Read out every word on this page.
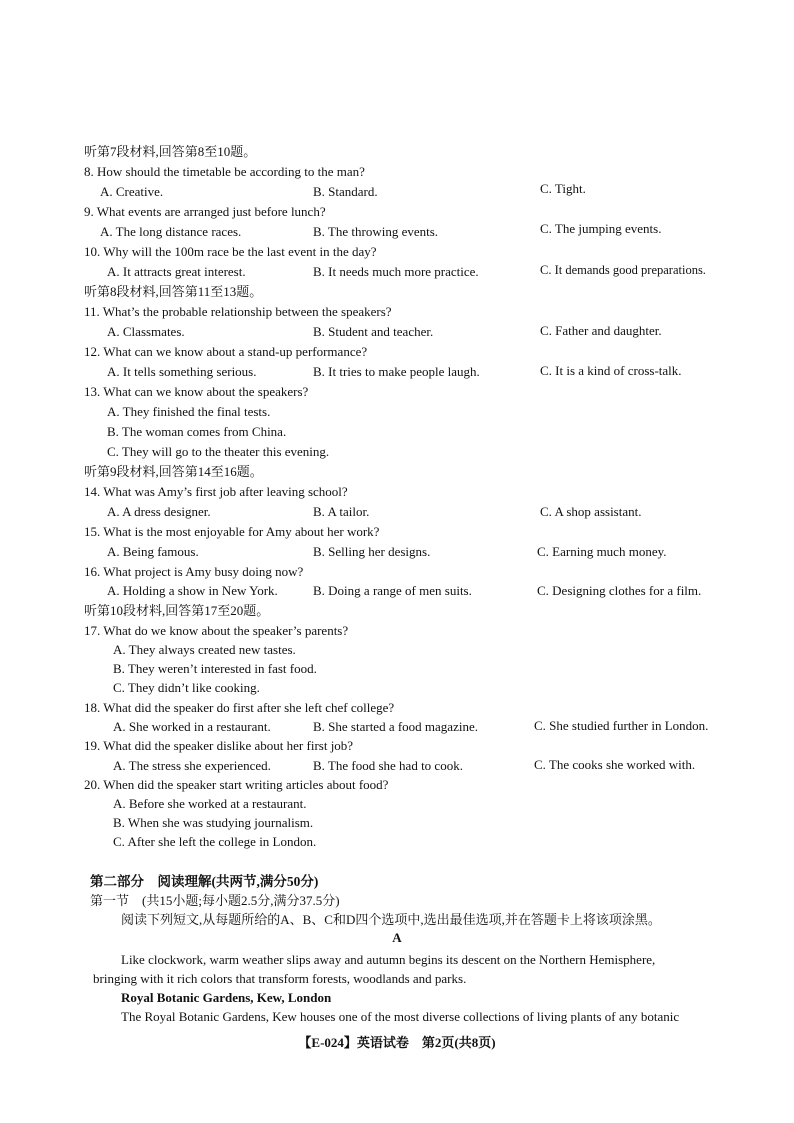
听第7段材料,回答第8至10题。
8. How should the timetable be according to the man?
A. Creative.	B. Standard.	C. Tight.
9. What events are arranged just before lunch?
A. The long distance races.	B. The throwing events.	C. The jumping events.
10. Why will the 100m race be the last event in the day?
A. It attracts great interest.	B. It needs much more practice.	C. It demands good preparations.
听第8段材料,回答第11至13题。
11. What’s the probable relationship between the speakers?
A. Classmates.	B. Student and teacher.	C. Father and daughter.
12. What can we know about a stand-up performance?
A. It tells something serious.	B. It tries to make people laugh.	C. It is a kind of cross-talk.
13. What can we know about the speakers?
A. They finished the final tests.
B. The woman comes from China.
C. They will go to the theater this evening.
听第9段材料,回答第14至16题。
14. What was Amy’s first job after leaving school?
A. A dress designer.	B. A tailor.	C. A shop assistant.
15. What is the most enjoyable for Amy about her work?
A. Being famous.	B. Selling her designs.	C. Earning much money.
16. What project is Amy busy doing now?
A. Holding a show in New York.	B. Doing a range of men suits.	C. Designing clothes for a film.
听第10段材料,回答第17至20题。
17. What do we know about the speaker’s parents?
A. They always created new tastes.
B. They weren’t interested in fast food.
C. They didn’t like cooking.
18. What did the speaker do first after she left chef college?
A. She worked in a restaurant.	B. She started a food magazine.	C. She studied further in London.
19. What did the speaker dislike about her first job?
A. The stress she experienced.	B. The food she had to cook.	C. The cooks she worked with.
20. When did the speaker start writing articles about food?
A. Before she worked at a restaurant.
B. When she was studying journalism.
C. After she left the college in London.
第二部分　阅读理解(共两节,满分50分)
第一节　(共15小题;每小题2.5分,满分37.5分)
阅读下列短文,从每题所给的A、B、C和D四个选项中,选出最佳选项,并在答题卡上将该项涂黑。
A
Like clockwork, warm weather slips away and autumn begins its descent on the Northern Hemisphere,
bringing with it rich colors that transform forests, woodlands and parks.
Royal Botanic Gardens, Kew, London
The Royal Botanic Gardens, Kew houses one of the most diverse collections of living plants of any botanic
【E-024】英语试卷　第2页(共8页)
